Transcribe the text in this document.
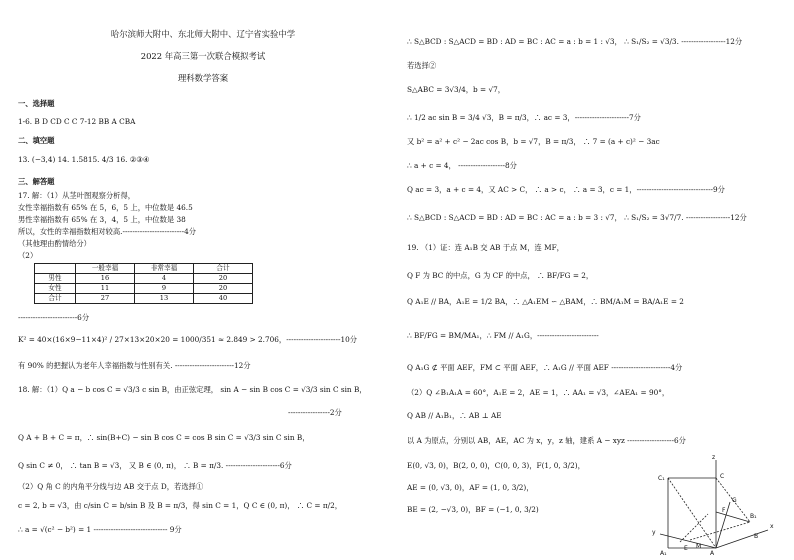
哈尔滨师大附中、东北师大附中、辽宁省实验中学
2022 年高三第一次联合模拟考试
理科数学答案
一、选择题
1-6. B D CD C C 7-12 BB A CBA
二、填空题
13. (−3,4) 14. 1.5815. 4/3 16. ②③④
三、解答题
17. 解：（1）从茎叶图观察分析得，
女性幸福指数有 65% 在 5，6，5 上，中位数是 46.5
男性幸福指数有 65% 在 3，4，5 上，中位数是 38
所以，女性的幸福指数相对较高.-------------------------4分
（其他理由酌情给分）
（2）
	一般幸福	非常幸福	合计
男性	16	4	20
女性	11	9	20
合计	27	13	40
------------------------6分
K² = 40×(16×9−11×4)² / 27×13×20×20 = 1000/351 ≈ 2.849 > 2.706，----------------------10分
有 90% 的把握认为老年人幸福指数与性别有关. ------------------------12分
18. 解：（1）Q a − b cos C = √3/3 c sin B，由正弦定理， sin A − sin B cos C = √3/3 sin C sin B，
-----------------2分
Q A + B + C = π，∴ sin(B+C) − sin B cos C = cos B sin C = √3/3 sin C sin B，
Q sin C ≠ 0， ∴ tan B = √3， 又 B ∈ (0, π)， ∴ B = π/3. ----------------------6分
（2）Q 角 C 的内角平分线与边 AB 交于点 D，若选择①
c = 2, b = √3，由 c/sin C = b/sin B 及 B = π/3，得 sin C = 1，Q C ∈ (0, π)， ∴ C = π/2，
∴ a = √(c² − b²) = 1 ------------------------------ 9分
∴ S△BCD : S△ACD = BD : AD = BC : AC = a : b = 1 : √3， ∴ S₁/S₂ = √3/3. ------------------12分
若选择②
S△ABC = 3√3/4，b = √7，
∴ 1/2 ac sin B = 3/4 √3，B = π/3，∴ ac = 3，----------------------7分
又 b² = a² + c² − 2ac cos B，b = √7，B = π/3， ∴ 7 = (a + c)² − 3ac
∴ a + c = 4， -------------------8分
Q ac = 3，a + c = 4，又 AC > C， ∴ a > c， ∴ a = 3，c = 1，-------------------------------9分
∴ S△BCD : S△ACD = BD : AD = BC : AC = a : b = 3 : √7， ∴ S₁/S₂ = 3√7/7. ------------------12分
19. （1）证：连 A₁B 交 AB 于点 M，连 MF，
Q F 为 BC 的中点，G 为 CF 的中点， ∴ BF/FG = 2，
Q A₁E // BA，A₁E = 1/2 BA，∴ △A₁EM ∽ △BAM，∴ BM/A₁M = BA/A₁E = 2
∴ BF/FG = BM/MA₁，∴ FM // A₁G，-------------------------
Q A₁G ⊄ 平面 AEF，FM ⊂ 平面 AEF，∴ A₁G // 平面 AEF ------------------------4分
（2）Q ∠B₁A₁A = 60°，A₁E = 2，AE = 1，∴ AA₁ = √3，∠AEA₁ = 90°，
Q AB // A₁B₁，∴ AB ⊥ AE
以 A 为原点，分别以 AB，AE，AC 为 x，y，z 轴，建系 A − xyz -------------------6分
E(0, √3, 0)，B(2, 0, 0)，C(0, 0, 3)，F(1, 0, 3/2)，
AE = (0, √3, 0)，AF = (1, 0, 3/2)，
BE = (2, −√3, 0)，BF = (−1, 0, 3/2)
z
C₁	C
G
F
B₁
x
y
A₁
E M
A
B
